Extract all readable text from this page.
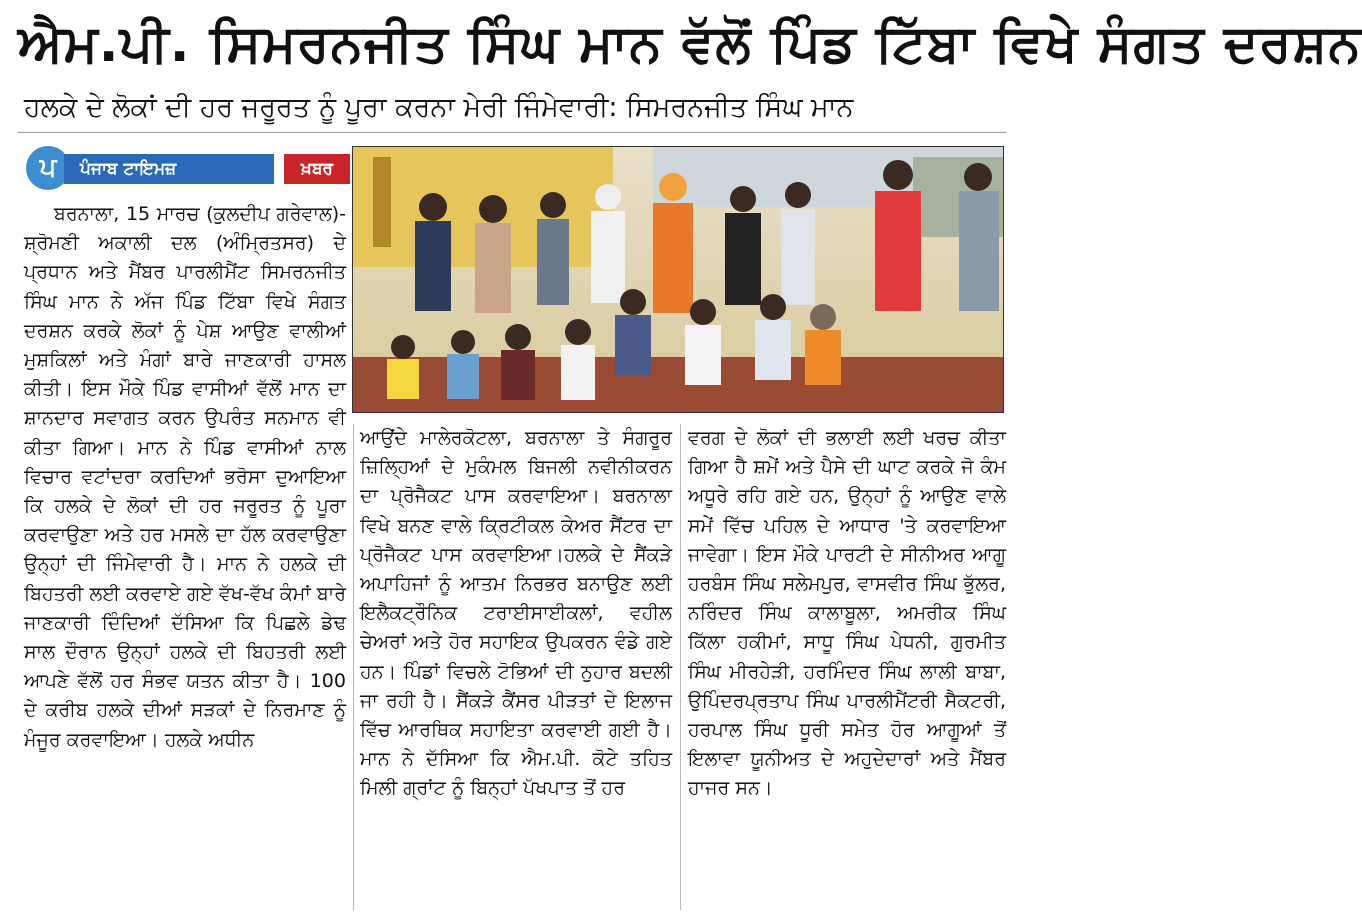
ਐਮ.ਪੀ. ਸਿਮਰਨਜੀਤ ਸਿੰਘ ਮਾਨ ਵੱਲੋਂ ਪਿੰਡ ਟਿੱਬਾ ਵਿਖੇ ਸੰਗਤ ਦਰਸ਼ਨ
ਹਲਕੇ ਦੇ ਲੋਕਾਂ ਦੀ ਹਰ ਜਰੂਰਤ ਨੂੰ ਪੂਰਾ ਕਰਨਾ ਮੇਰੀ ਜਿੰਮੇਵਾਰੀ: ਸਿਮਰਨਜੀਤ ਸਿੰਘ ਮਾਨ
ਪ	ਪੰਜਾਬ ਟਾਇਮਜ਼	ਖ਼ਬਰ
ਬਰਨਾਲਾ, 15 ਮਾਰਚ (ਕੁਲਦੀਪ ਗਰੇਵਾਲ)- ਸ਼੍ਰੋਮਣੀ ਅਕਾਲੀ ਦਲ (ਅੰਮ੍ਰਿਤਸਰ) ਦੇ ਪ੍ਰਧਾਨ ਅਤੇ ਮੈਂਬਰ ਪਾਰਲੀਮੈਂਟ ਸਿਮਰਨਜੀਤ ਸਿੰਘ ਮਾਨ ਨੇ ਅੱਜ ਪਿੰਡ ਟਿੱਬਾ ਵਿਖੇ ਸੰਗਤ ਦਰਸ਼ਨ ਕਰਕੇ ਲੋਕਾਂ ਨੂੰ ਪੇਸ਼ ਆਉਣ ਵਾਲੀਆਂ ਮੁਸ਼ਕਿਲਾਂ ਅਤੇ ਮੰਗਾਂ ਬਾਰੇ ਜਾਣਕਾਰੀ ਹਾਸਲ ਕੀਤੀ। ਇਸ ਮੌਕੇ ਪਿੰਡ ਵਾਸੀਆਂ ਵੱਲੋਂ ਮਾਨ ਦਾ ਸ਼ਾਨਦਾਰ ਸਵਾਗਤ ਕਰਨ ਉਪਰੰਤ ਸਨਮਾਨ ਵੀ ਕੀਤਾ ਗਿਆ। ਮਾਨ ਨੇ ਪਿੰਡ ਵਾਸੀਆਂ ਨਾਲ ਵਿਚਾਰ ਵਟਾਂਦਰਾ ਕਰਦਿਆਂ ਭਰੋਸਾ ਦੁਆਇਆ ਕਿ ਹਲਕੇ ਦੇ ਲੋਕਾਂ ਦੀ ਹਰ ਜਰੂਰਤ ਨੂੰ ਪੂਰਾ ਕਰਵਾਉਣਾ ਅਤੇ ਹਰ ਮਸਲੇ ਦਾ ਹੱਲ ਕਰਵਾਉਣਾ ਉਨ੍ਹਾਂ ਦੀ ਜਿੰਮੇਵਾਰੀ ਹੈ। ਮਾਨ ਨੇ ਹਲਕੇ ਦੀ ਬਿਹਤਰੀ ਲਈ ਕਰਵਾਏ ਗਏ ਵੱਖ-ਵੱਖ ਕੰਮਾਂ ਬਾਰੇ ਜਾਣਕਾਰੀ ਦਿੰਦਿਆਂ ਦੱਸਿਆ ਕਿ ਪਿਛਲੇ ਡੇਢ ਸਾਲ ਦੌਰਾਨ ਉਨ੍ਹਾਂ ਹਲਕੇ ਦੀ ਬਿਹਤਰੀ ਲਈ ਆਪਣੇ ਵੱਲੋਂ ਹਰ ਸੰਭਵ ਯਤਨ ਕੀਤਾ ਹੈ। 100 ਦੇ ਕਰੀਬ ਹਲਕੇ ਦੀਆਂ ਸੜਕਾਂ ਦੇ ਨਿਰਮਾਣ ਨੂੰ ਮੰਜੂਰ ਕਰਵਾਇਆ। ਹਲਕੇ ਅਧੀਨ
ਆਉਂਦੇ ਮਾਲੇਰਕੋਟਲਾ, ਬਰਨਾਲਾ ਤੇ ਸੰਗਰੂਰ ਜ਼ਿਲ੍ਹਿਆਂ ਦੇ ਮੁਕੰਮਲ ਬਿਜਲੀ ਨਵੀਨੀਕਰਨ ਦਾ ਪ੍ਰੋਜੈਕਟ ਪਾਸ ਕਰਵਾਇਆ। ਬਰਨਾਲਾ ਵਿਖੇ ਬਨਣ ਵਾਲੇ ਕ੍ਰਿਟੀਕਲ ਕੇਅਰ ਸੈਂਟਰ ਦਾ ਪ੍ਰੋਜੈਕਟ ਪਾਸ ਕਰਵਾਇਆ।ਹਲਕੇ ਦੇ ਸੈਂਕੜੇ ਅਪਾਹਿਜਾਂ ਨੂੰ ਆਤਮ ਨਿਰਭਰ ਬਨਾਉਣ ਲਈ ਇਲੈਕਟ੍ਰੌਨਿਕ ਟਰਾਈਸਾਈਕਲਾਂ, ਵਹੀਲ ਚੇਅਰਾਂ ਅਤੇ ਹੋਰ ਸਹਾਇਕ ਉਪਕਰਨ ਵੰਡੇ ਗਏ ਹਨ। ਪਿੰਡਾਂ ਵਿਚਲੇ ਟੋਭਿਆਂ ਦੀ ਨੁਹਾਰ ਬਦਲੀ ਜਾ ਰਹੀ ਹੈ। ਸੈਂਕੜੇ ਕੈਂਸਰ ਪੀੜਤਾਂ ਦੇ ਇਲਾਜ ਵਿੱਚ ਆਰਥਿਕ ਸਹਾਇਤਾ ਕਰਵਾਈ ਗਈ ਹੈ। ਮਾਨ ਨੇ ਦੱਸਿਆ ਕਿ ਐਮ.ਪੀ. ਕੋਟੇ ਤਹਿਤ ਮਿਲੀ ਗ੍ਰਾਂਟ ਨੂੰ ਬਿਨ੍ਹਾਂ ਪੱਖਪਾਤ ਤੋਂ ਹਰ
ਵਰਗ ਦੇ ਲੋਕਾਂ ਦੀ ਭਲਾਈ ਲਈ ਖਰਚ ਕੀਤਾ ਗਿਆ ਹੈ ਸ਼ਮੇਂ ਅਤੇ ਪੈਸੇ ਦੀ ਘਾਟ ਕਰਕੇ ਜੋ ਕੰਮ ਅਧੂਰੇ ਰਹਿ ਗਏ ਹਨ, ਉਨ੍ਹਾਂ ਨੂੰ ਆਉਣ ਵਾਲੇ ਸਮੇਂ ਵਿੱਚ ਪਹਿਲ ਦੇ ਆਧਾਰ 'ਤੇ ਕਰਵਾਇਆ ਜਾਵੇਗਾ। ਇਸ ਮੌਕੇ ਪਾਰਟੀ ਦੇ ਸੀਨੀਅਰ ਆਗੂ ਹਰਬੰਸ ਸਿੰਘ ਸਲੇਮਪੁਰ, ਵਾਸਵੀਰ ਸਿੰਘ ਭੁੱਲਰ, ਨਰਿੰਦਰ ਸਿੰਘ ਕਾਲਾਬੂਲਾ, ਅਮਰੀਕ ਸਿੰਘ ਕਿੱਲਾ ਹਕੀਮਾਂ, ਸਾਧੂ ਸਿੰਘ ਪੇਧਨੀ, ਗੁਰਮੀਤ ਸਿੰਘ ਮੀਰਹੇੜੀ, ਹਰਮਿੰਦਰ ਸਿੰਘ ਲਾਲੀ ਬਾਬਾ, ਉਪਿੰਦਰਪ੍ਰਤਾਪ ਸਿੰਘ ਪਾਰਲੀਮੈਂਟਰੀ ਸੈਕਟਰੀ, ਹਰਪਾਲ ਸਿੰਘ ਧੂਰੀ ਸਮੇਤ ਹੋਰ ਆਗੂਆਂ ਤੋਂ ਇਲਾਵਾ ਯੂਨੀਅਤ ਦੇ ਅਹੁਦੇਦਾਰਾਂ ਅਤੇ ਮੈਂਬਰ ਹਾਜਰ ਸਨ।
